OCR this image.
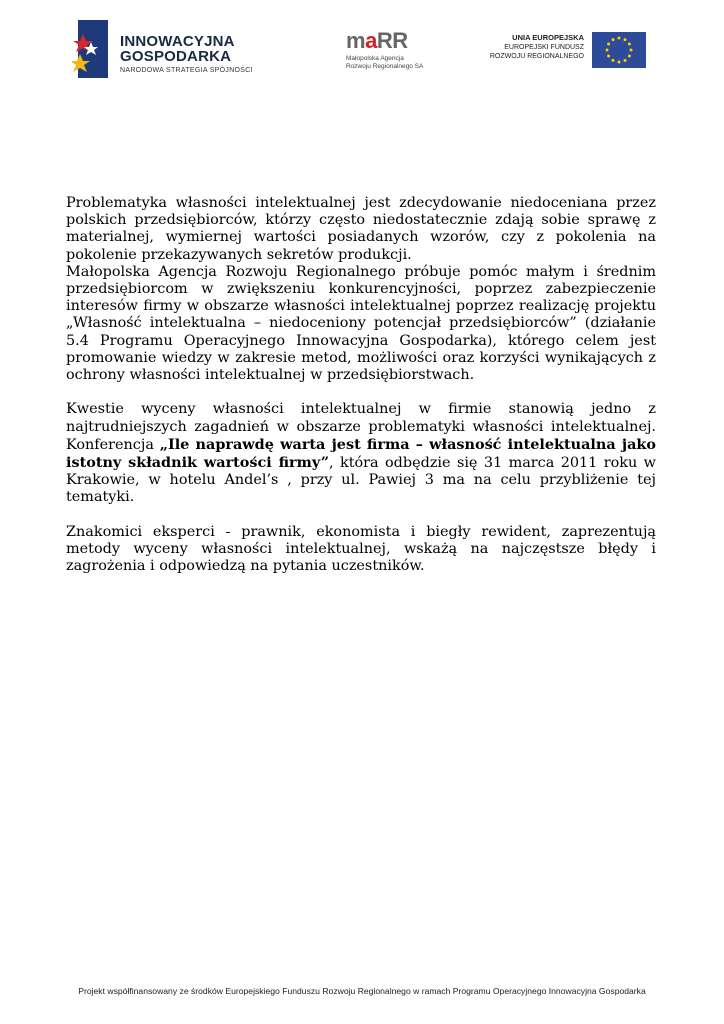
INNOWACYJNA
GOSPODARKA
NARODOWA STRATEGIA SPÓJNOŚCI
maRR
Małopolska Agencja
Rozwoju Regionalnego SA
UNIA EUROPEJSKA
EUROPEJSKI FUNDUSZ
ROZWOJU REGIONALNEGO

Problematyka własności intelektualnej jest zdecydowanie niedoceniana przez polskich przedsiębiorców, którzy często niedostatecznie zdają sobie sprawę z materialnej, wymiernej wartości posiadanych wzorów, czy z pokolenia na pokolenie przekazywanych sekretów produkcji.

Małopolska Agencja Rozwoju Regionalnego próbuje pomóc małym i średnim przedsiębiorcom w zwiększeniu konkurencyjności, poprzez zabezpieczenie interesów firmy w obszarze własności intelektualnej poprzez realizację projektu „Własność intelektualna – niedoceniony potencjał przedsiębiorców” (działanie 5.4 Programu Operacyjnego Innowacyjna Gospodarka), którego celem jest promowanie wiedzy w zakresie metod, możliwości oraz korzyści wynikających z ochrony własności intelektualnej w przedsiębiorstwach.

Kwestie wyceny własności intelektualnej w firmie stanowią jedno z najtrudniejszych zagadnień w obszarze problematyki własności intelektualnej. Konferencja „Ile naprawdę warta jest firma – własność intelektualna jako istotny składnik wartości firmy”, która odbędzie się 31 marca 2011 roku w Krakowie, w hotelu Andel’s , przy ul. Pawiej 3 ma na celu przybliżenie tej tematyki.

Znakomici eksperci - prawnik, ekonomista i biegły rewident, zaprezentują metody wyceny własności intelektualnej, wskażą na najczęstsze błędy i zagrożenia i odpowiedzą na pytania uczestników.

Projekt współfinansowany ze środków Europejskiego Funduszu Rozwoju Regionalnego w ramach Programu Operacyjnego Innowacyjna Gospodarka
